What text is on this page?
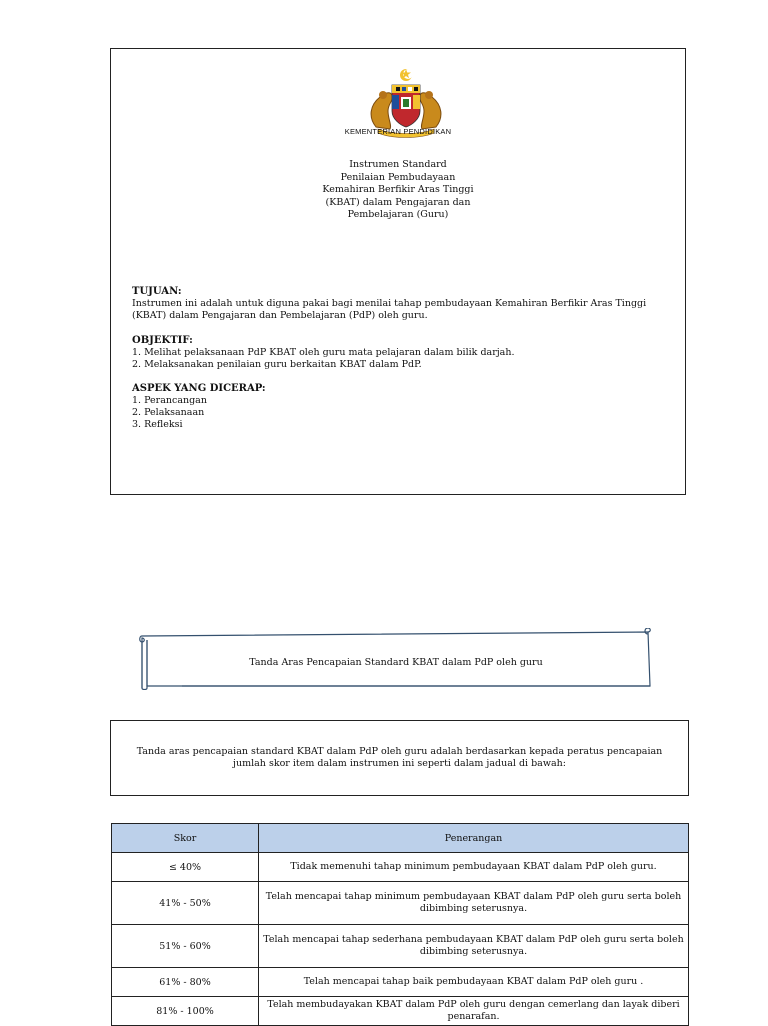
KEMENTERIAN PENDIDIKAN
Instrumen Standard
Penilaian Pembudayaan
Kemahiran Berfikir Aras Tinggi
(KBAT) dalam Pengajaran dan
Pembelajaran (Guru)
TUJUAN:

Instrumen ini adalah untuk diguna pakai bagi menilai tahap pembudayaan Kemahiran Berfikir Aras Tinggi (KBAT) dalam Pengajaran dan Pembelajaran (PdP) oleh guru.

OBJEKTIF:

1. Melihat pelaksanaan PdP KBAT oleh guru mata pelajaran dalam bilik darjah.

2. Melaksanakan penilaian guru berkaitan KBAT dalam PdP.

ASPEK YANG DICERAP:

1. Perancangan

2. Pelaksanaan

3. Refleksi

Tanda Aras Pencapaian Standard KBAT dalam PdP oleh guru
Tanda aras pencapaian standard KBAT dalam PdP oleh guru adalah berdasarkan kepada peratus pencapaian jumlah skor item dalam instrumen ini seperti dalam jadual di bawah:
Skor	Penerangan
≤ 40%	Tidak memenuhi tahap minimum pembudayaan KBAT dalam PdP oleh guru.
41% - 50%	Telah mencapai tahap minimum pembudayaan KBAT dalam PdP oleh guru serta boleh dibimbing seterusnya.
51% - 60%	Telah mencapai tahap sederhana pembudayaan KBAT dalam PdP oleh guru serta boleh dibimbing seterusnya.
61% - 80%	Telah mencapai tahap baik pembudayaan KBAT dalam PdP oleh guru .
81% - 100%	Telah membudayakan KBAT dalam PdP oleh guru dengan cemerlang dan layak diberi penarafan.
